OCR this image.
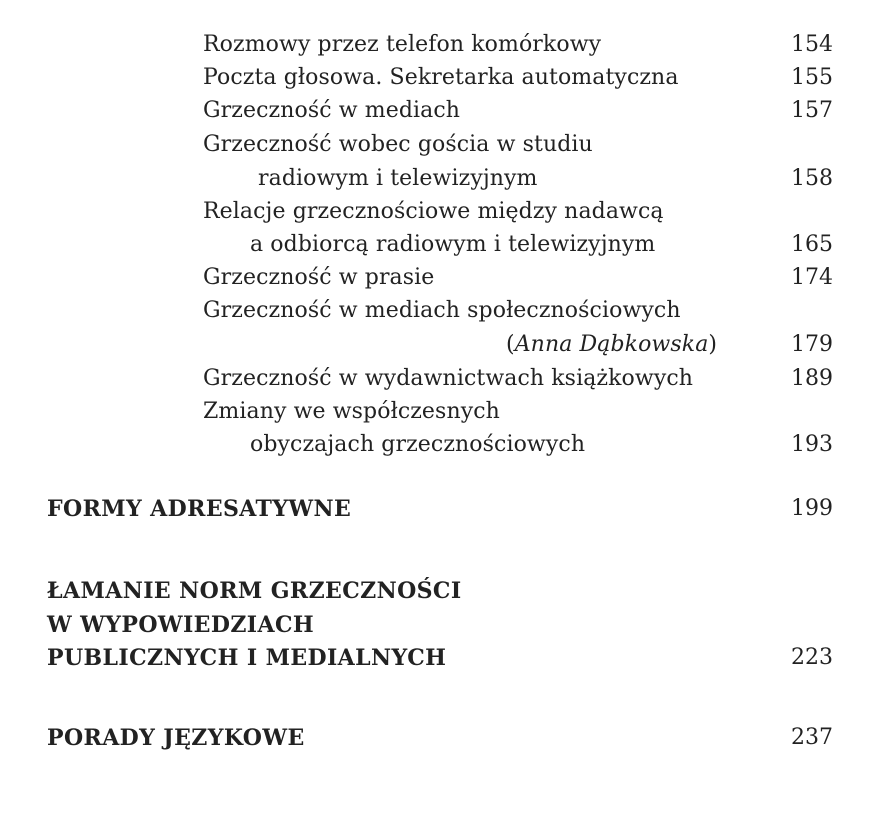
Rozmowy przez telefon komórkowy	154
Poczta głosowa. Sekretarka automatyczna	155
Grzeczność w mediach	157
Grzeczność wobec gościa w studiu
radiowym i telewizyjnym	158
Relacje grzecznościowe między nadawcą
a odbiorcą radiowym i telewizyjnym	165
Grzeczność w prasie	174
Grzeczność w mediach społecznościowych
(Anna Dąbkowska)	179
Grzeczność w wydawnictwach książkowych	189
Zmiany we współczesnych
obyczajach grzecznościowych	193
FORMY ADRESATYWNE	199
ŁAMANIE NORM GRZECZNOŚCI
W WYPOWIEDZIACH
PUBLICZNYCH I MEDIALNYCH	223
PORADY JĘZYKOWE	237
